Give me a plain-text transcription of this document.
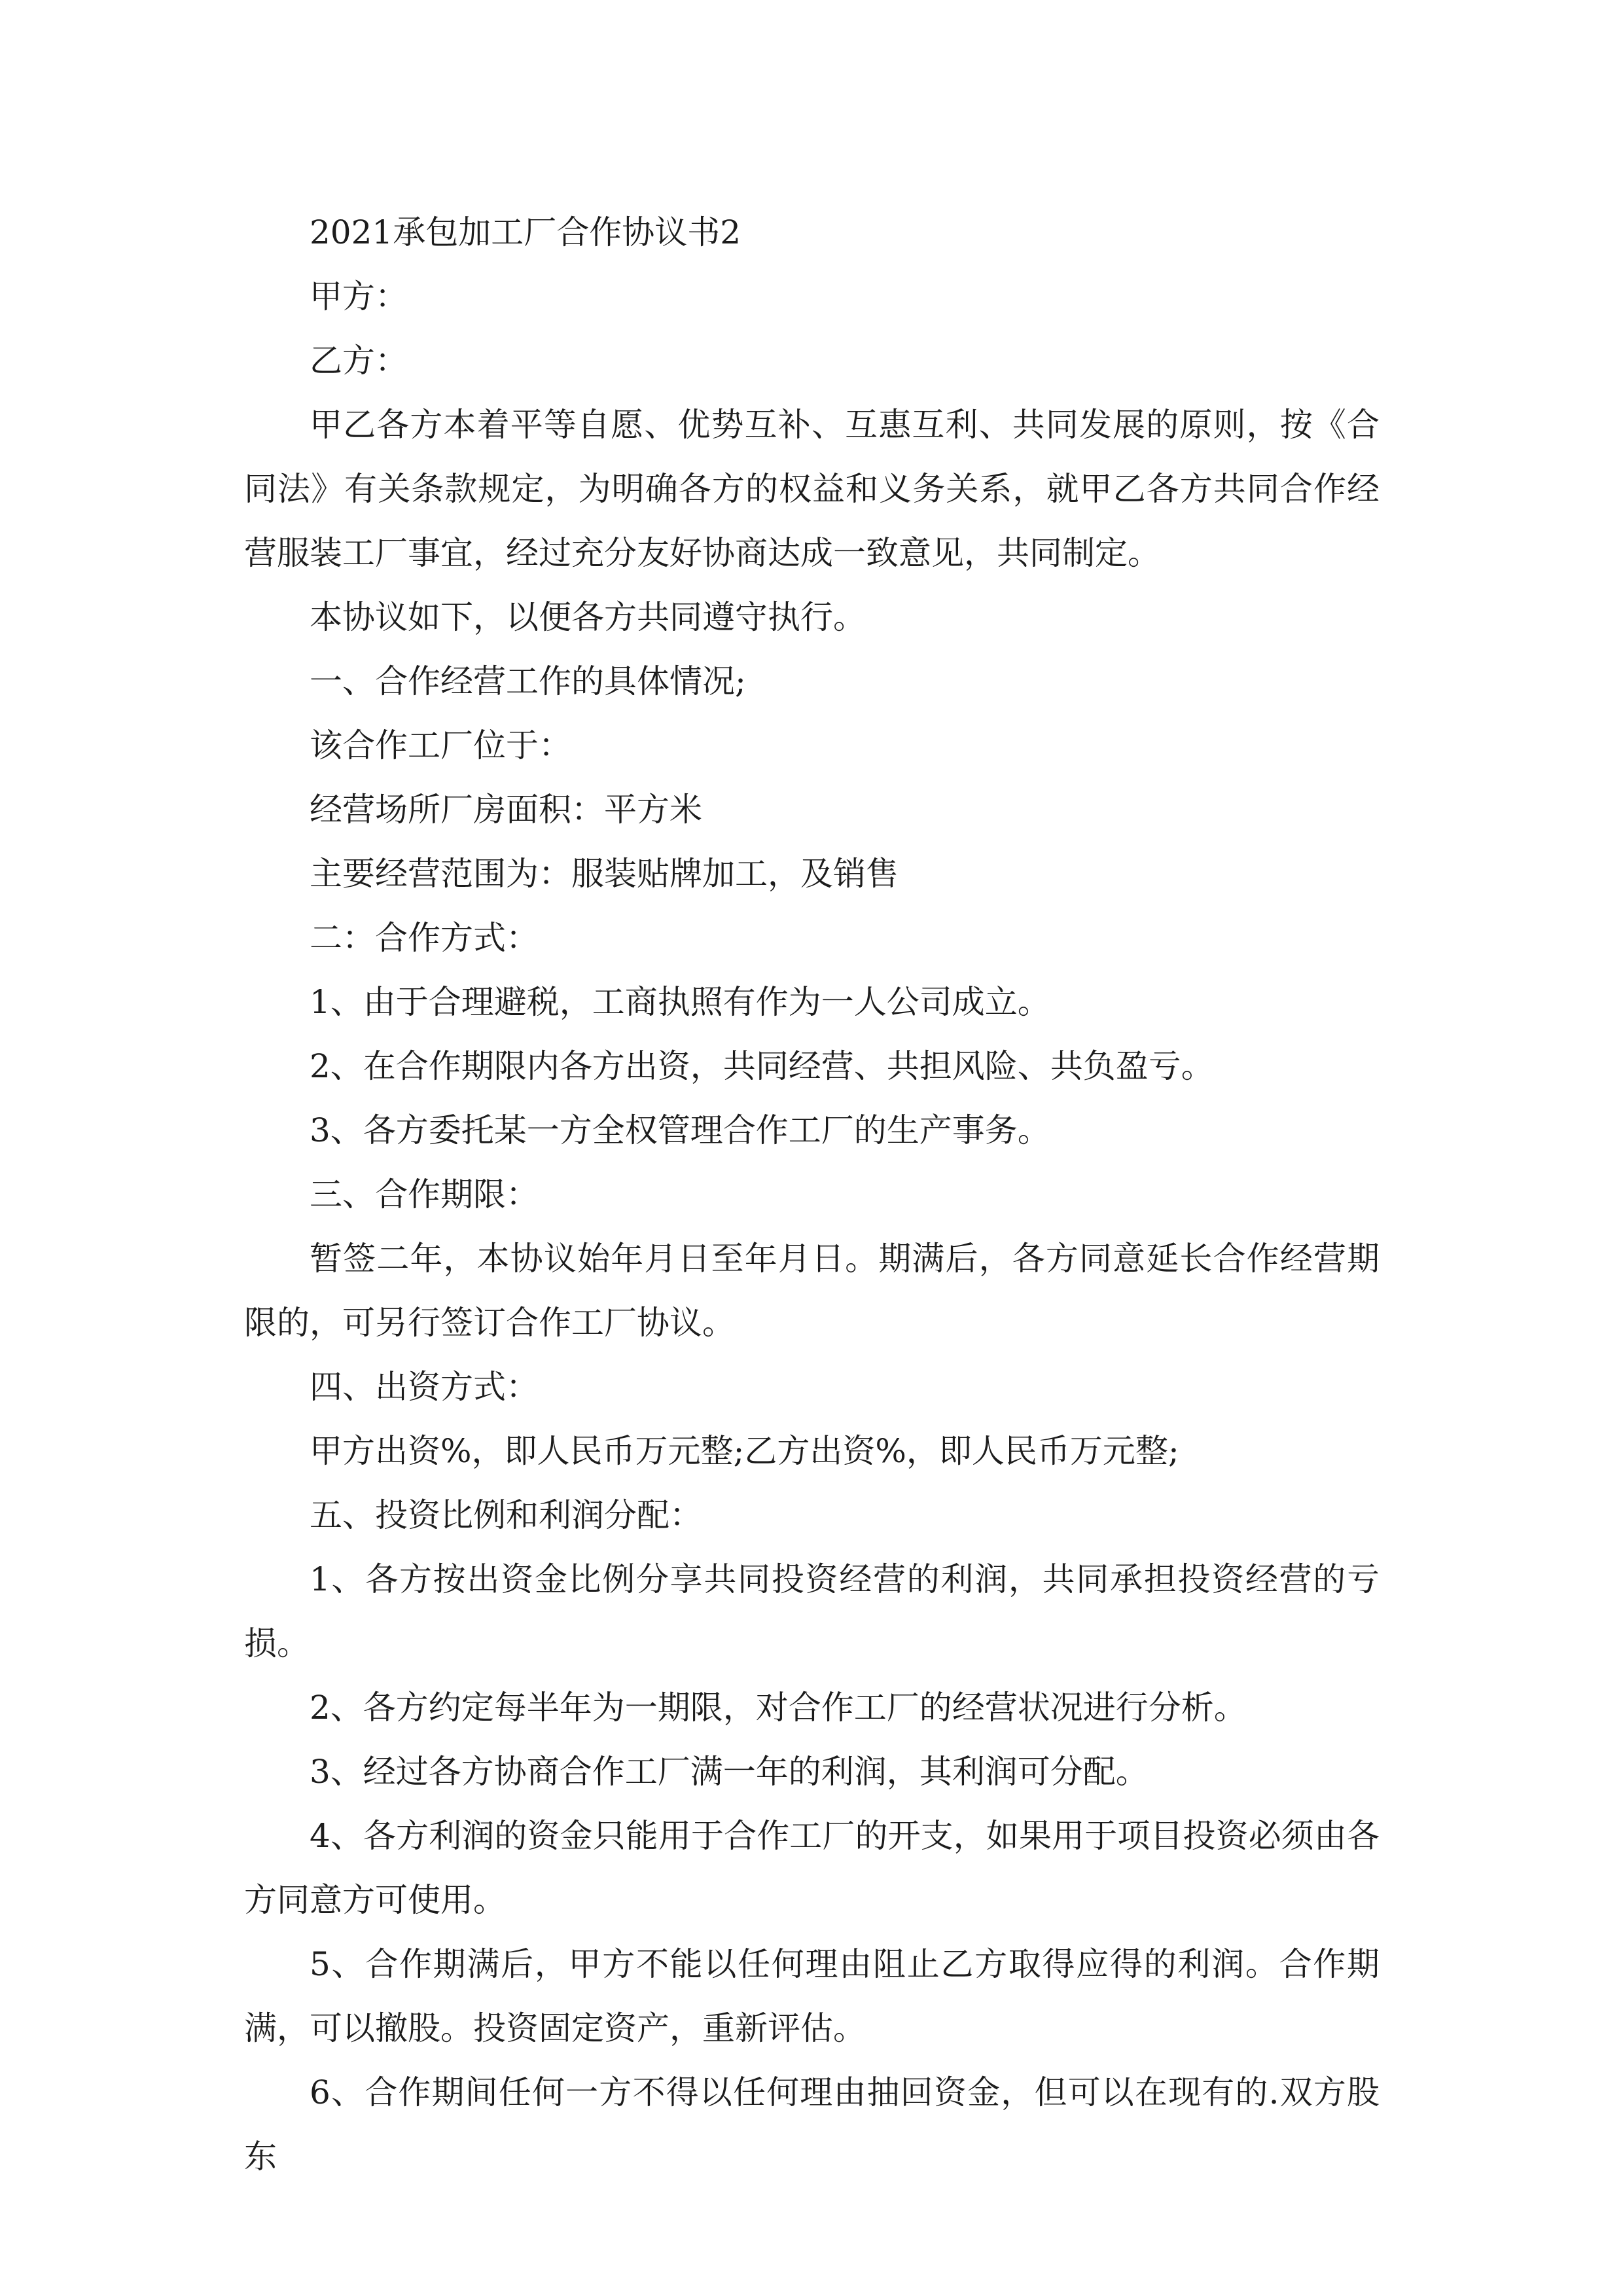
2021承包加工厂合作协议书2

甲方：

乙方：

甲乙各方本着平等自愿、优势互补、互惠互利、共同发展的原则，按《合同法》有关条款规定，为明确各方的权益和义务关系，就甲乙各方共同合作经营服装工厂事宜，经过充分友好协商达成一致意见，共同制定。

本协议如下，以便各方共同遵守执行。

一、合作经营工作的具体情况;

该合作工厂位于：

经营场所厂房面积：平方米

主要经营范围为：服装贴牌加工，及销售

二：合作方式：

1、由于合理避税，工商执照有作为一人公司成立。

2、在合作期限内各方出资，共同经营、共担风险、共负盈亏。

3、各方委托某一方全权管理合作工厂的生产事务。

三、合作期限：

暂签二年，本协议始年月日至年月日。期满后，各方同意延长合作经营期限的，可另行签订合作工厂协议。

四、出资方式：

甲方出资%，即人民币万元整;乙方出资%，即人民币万元整;

五、投资比例和利润分配：

1、各方按出资金比例分享共同投资经营的利润，共同承担投资经营的亏损。

2、各方约定每半年为一期限，对合作工厂的经营状况进行分析。

3、经过各方协商合作工厂满一年的利润，其利润可分配。

4、各方利润的资金只能用于合作工厂的开支，如果用于项目投资必须由各方同意方可使用。

5、合作期满后，甲方不能以任何理由阻止乙方取得应得的利润。合作期满，可以撤股。投资固定资产，重新评估。

6、合作期间任何一方不得以任何理由抽回资金，但可以在现有的.双方股东
